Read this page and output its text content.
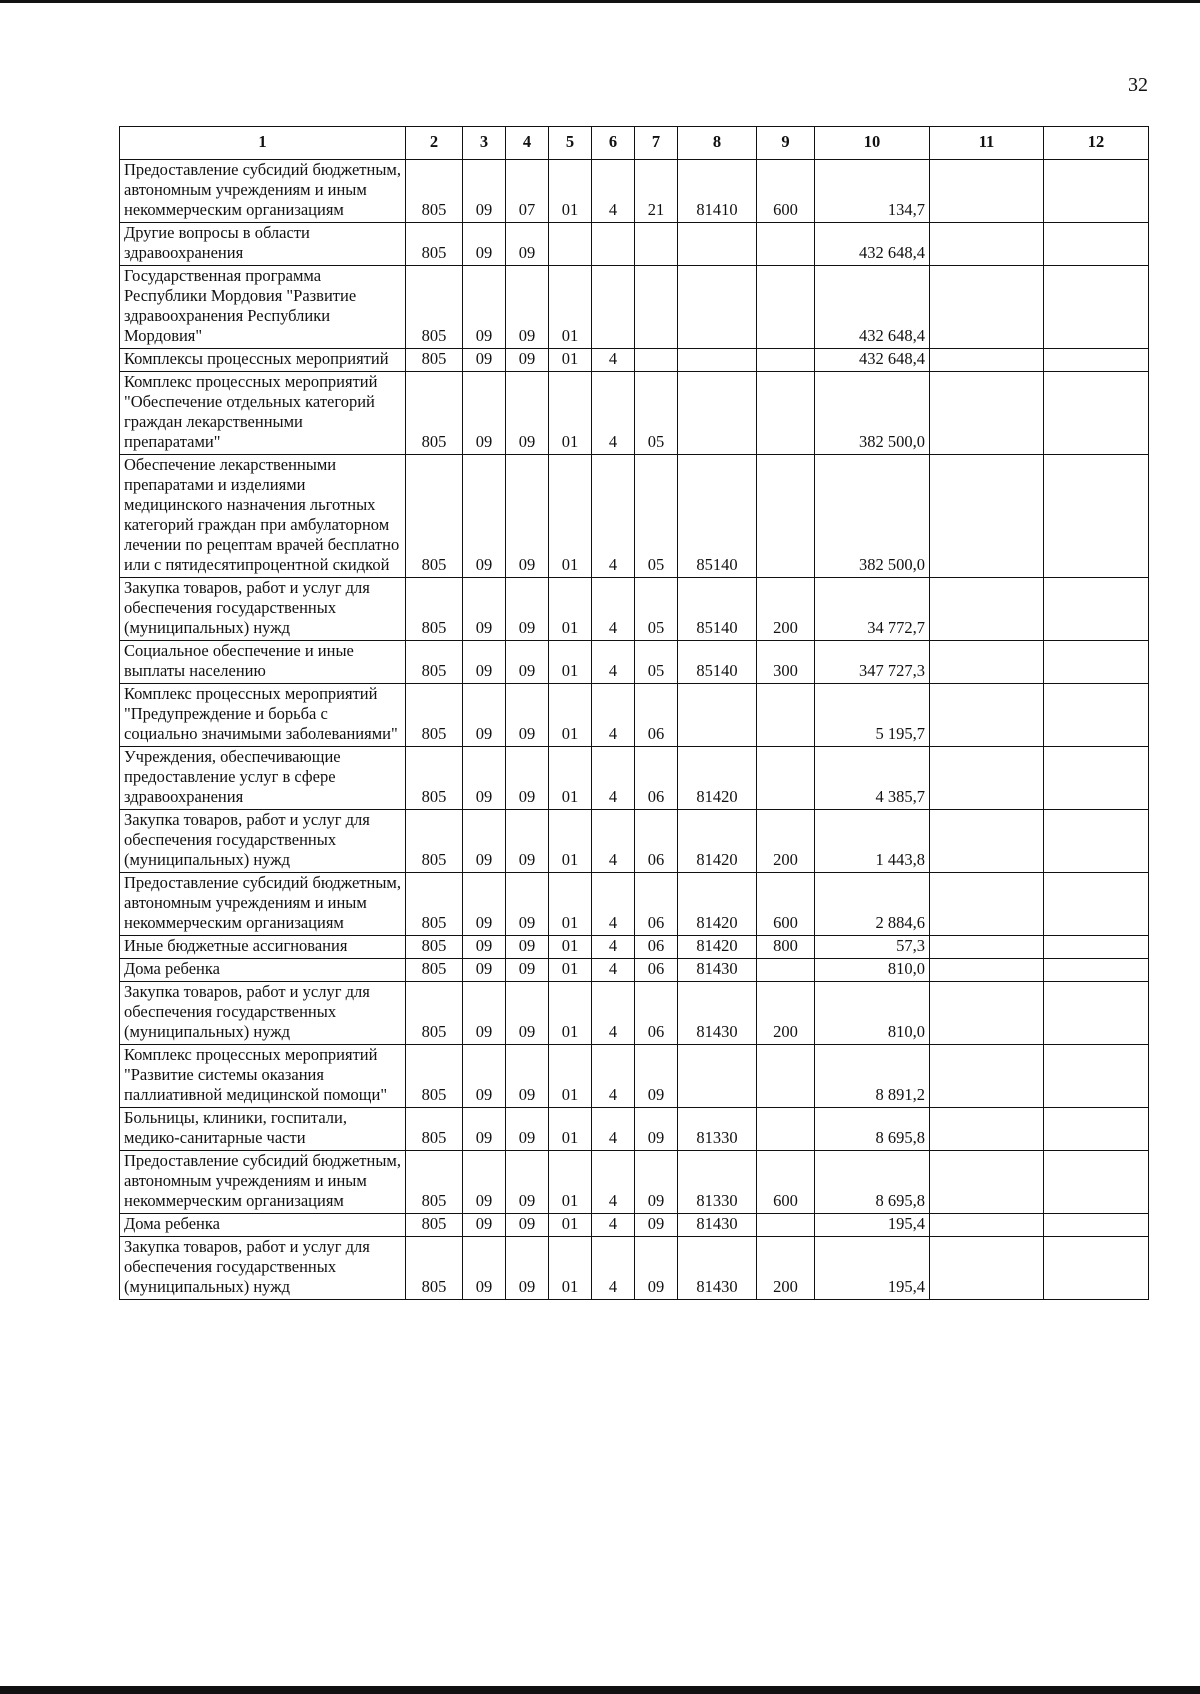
32
1	2	3	4	5	6	7	8	9	10	11	12
Предоставление субсидий бюджетным, автономным учреждениям и иным некоммерческим организациям	805	09	07	01	4	21	81410	600	134,7		
Другие вопросы в области здравоохранения	805	09	09						432 648,4		
Государственная программа Республики Мордовия "Развитие здравоохранения Республики Мордовия"	805	09	09	01					432 648,4		
Комплексы процессных мероприятий	805	09	09	01	4				432 648,4		
Комплекс процессных мероприятий "Обеспечение отдельных категорий граждан лекарственными препаратами"	805	09	09	01	4	05			382 500,0		
Обеспечение лекарственными препаратами и изделиями медицинского назначения льготных категорий граждан при амбулаторном лечении по рецептам врачей бесплатно или с пятидесятипроцентной скидкой	805	09	09	01	4	05	85140		382 500,0		
Закупка товаров, работ и услуг для обеспечения государственных (муниципальных) нужд	805	09	09	01	4	05	85140	200	34 772,7		
Социальное обеспечение и иные выплаты населению	805	09	09	01	4	05	85140	300	347 727,3		
Комплекс процессных мероприятий "Предупреждение и борьба с социально значимыми заболеваниями"	805	09	09	01	4	06			5 195,7		
Учреждения, обеспечивающие предоставление услуг в сфере здравоохранения	805	09	09	01	4	06	81420		4 385,7		
Закупка товаров, работ и услуг для обеспечения государственных (муниципальных) нужд	805	09	09	01	4	06	81420	200	1 443,8		
Предоставление субсидий бюджетным, автономным учреждениям и иным некоммерческим организациям	805	09	09	01	4	06	81420	600	2 884,6		
Иные бюджетные ассигнования	805	09	09	01	4	06	81420	800	57,3		
Дома ребенка	805	09	09	01	4	06	81430		810,0		
Закупка товаров, работ и услуг для обеспечения государственных (муниципальных) нужд	805	09	09	01	4	06	81430	200	810,0		
Комплекс процессных мероприятий "Развитие системы оказания паллиативной медицинской помощи"	805	09	09	01	4	09			8 891,2		
Больницы, клиники, госпитали, медико-санитарные части	805	09	09	01	4	09	81330		8 695,8		
Предоставление субсидий бюджетным, автономным учреждениям и иным некоммерческим организациям	805	09	09	01	4	09	81330	600	8 695,8		
Дома ребенка	805	09	09	01	4	09	81430		195,4		
Закупка товаров, работ и услуг для обеспечения государственных (муниципальных) нужд	805	09	09	01	4	09	81430	200	195,4		
